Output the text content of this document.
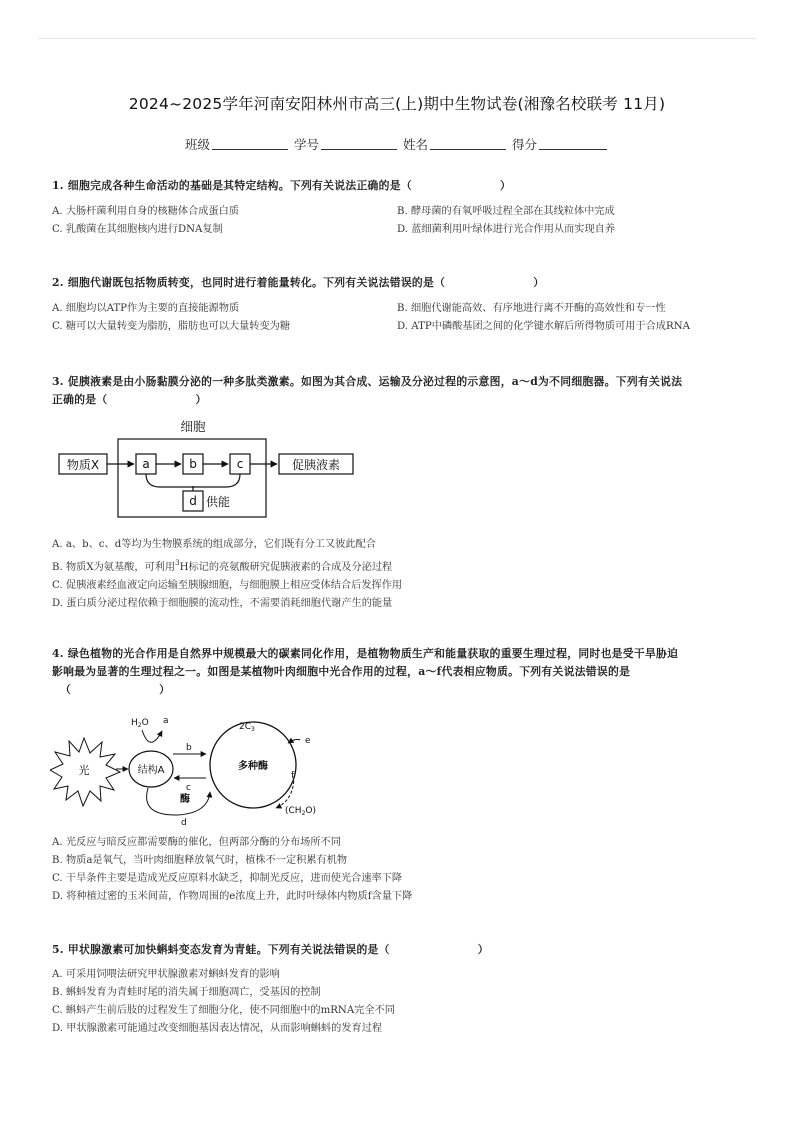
2024~2025学年河南安阳林州市高三(上)期中生物试卷(湘豫名校联考 11月)
班级	学号	姓名	得分
1. 细胞完成各种生命活动的基础是其特定结构。下列有关说法正确的是（	）
A. 大肠杆菌利用自身的核糖体合成蛋白质	B. 酵母菌的有氧呼吸过程全部在其线粒体中完成
C. 乳酸菌在其细胞核内进行DNA复制	D. 蓝细菌利用叶绿体进行光合作用从而实现自养
2. 细胞代谢既包括物质转变，也同时进行着能量转化。下列有关说法错误的是（	）
A. 细胞均以ATP作为主要的直接能源物质	B. 细胞代谢能高效、有序地进行离不开酶的高效性和专一性
C. 糖可以大量转变为脂肪，脂肪也可以大量转变为糖	D. ATP中磷酸基团之间的化学键水解后所得物质可用于合成RNA
3. 促胰液素是由小肠黏膜分泌的一种多肽类激素。如图为其合成、运输及分泌过程的示意图，a～d为不同细胞器。下列有关说法
正确的是（	）
细胞
物质X	a	b	c	促胰液素
d 供能
A. a、b、c、d等均为生物膜系统的组成部分，它们既有分工又彼此配合
B. 物质X为氨基酸，可利用$^3$H标记的亮氨酸研究促胰液素的合成及分泌过程
C. 促胰液素经血液定向运输至胰腺细胞，与细胞膜上相应受体结合后发挥作用
D. 蛋白质分泌过程依赖于细胞膜的流动性，不需要消耗细胞代谢产生的能量
4. 绿色植物的光合作用是自然界中规模最大的碳素同化作用，是植物物质生产和能量获取的重要生理过程，同时也是受干旱胁迫
影响最为显著的生理过程之一。如图是某植物叶肉细胞中光合作用的过程，a～f代表相应物质。下列有关说法错误的是
（	）
光	结构A
$H_2O$ a
b
c
酶
d
多种酶
$2C_3$
e
f
$(CH_2O)$
A. 光反应与暗反应都需要酶的催化，但两部分酶的分布场所不同
B. 物质a是氧气，当叶肉细胞释放氧气时，植株不一定积累有机物
C. 干旱条件主要是造成光反应原料水缺乏，抑制光反应，进而使光合速率下降
D. 将种植过密的玉米间苗，作物周围的e浓度上升，此时叶绿体内物质f含量下降
5. 甲状腺激素可加快蝌蚪变态发育为青蛙。下列有关说法错误的是（	）
A. 可采用饲喂法研究甲状腺激素对蝌蚪发育的影响
B. 蝌蚪发育为青蛙时尾的消失属于细胞凋亡，受基因的控制
C. 蝌蚪产生前后肢的过程发生了细胞分化，使不同细胞中的mRNA完全不同
D. 甲状腺激素可能通过改变细胞基因表达情况，从而影响蝌蚪的发育过程
